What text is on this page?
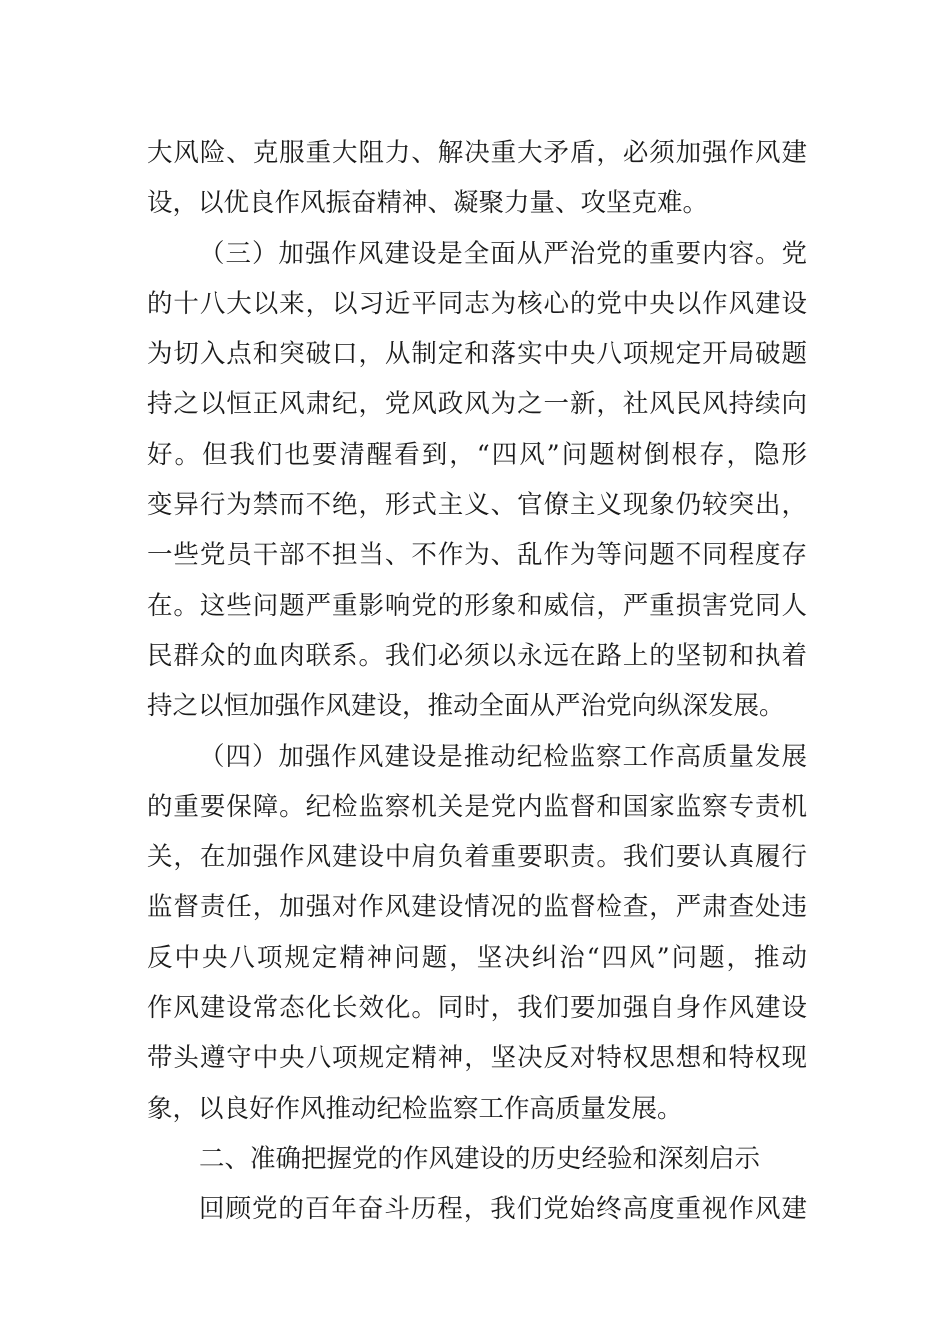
大风险、克服重大阻力、解决重大矛盾，必须加强作风建
设，以优良作风振奋精神、凝聚力量、攻坚克难。
（三）加强作风建设是全面从严治党的重要内容。党
的十八大以来，以习近平同志为核心的党中央以作风建设
为切入点和突破口，从制定和落实中央八项规定开局破题
持之以恒正风肃纪，党风政风为之一新，社风民风持续向
好。但我们也要清醒看到，“四风”问题树倒根存，隐形
变异行为禁而不绝，形式主义、官僚主义现象仍较突出，
一些党员干部不担当、不作为、乱作为等问题不同程度存
在。这些问题严重影响党的形象和威信，严重损害党同人
民群众的血肉联系。我们必须以永远在路上的坚韧和执着
持之以恒加强作风建设，推动全面从严治党向纵深发展。
（四）加强作风建设是推动纪检监察工作高质量发展
的重要保障。纪检监察机关是党内监督和国家监察专责机
关，在加强作风建设中肩负着重要职责。我们要认真履行
监督责任，加强对作风建设情况的监督检查，严肃查处违
反中央八项规定精神问题，坚决纠治“四风”问题，推动
作风建设常态化长效化。同时，我们要加强自身作风建设
带头遵守中央八项规定精神，坚决反对特权思想和特权现
象，以良好作风推动纪检监察工作高质量发展。
二、准确把握党的作风建设的历史经验和深刻启示
回顾党的百年奋斗历程，我们党始终高度重视作风建
